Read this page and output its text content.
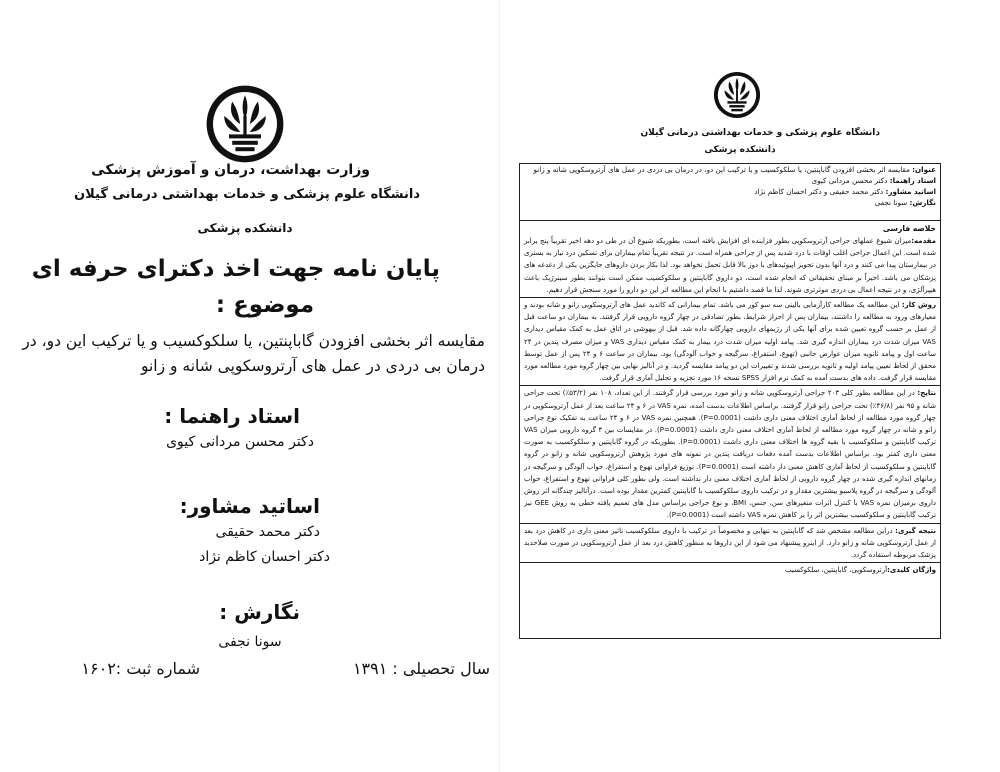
وزارت بهداشت، درمان و آموزش پزشکی
دانشگاه علوم پزشکی و خدمات بهداشتی درمانی گیلان
دانشکده پزشکی
پایان نامه جهت اخذ دکترای حرفه ای
موضوع :
مقایسه اثر بخشی افزودن گاباپنتین، یا سلکوکسیب و یا ترکیب این دو، در درمان بی دردی در عمل های آرتروسکوپی شانه و زانو
استاد راهنما :
دکتر محسن مردانی کیوی
اساتید مشاور:
دکتر محمد حقیقی
دکتر احسان کاظم نژاد
نگارش :
سونا نجفی
شماره ثبت :۱۶۰۲	سال تحصیلی : ۱۳۹۱
دانشگاه علوم پزشکی و خدمات بهداشتی درمانی گیلان
دانشکده پزشکی
عنوان: مقایسه اثر بخشی افزودن گاباپنتین، یا سلکوکسیب و یا ترکیب این دو، در درمان بی دردی در عمل های آرتروسکوپی شانه و زانو
استاد راهنما: دکتر محسن مردانی کیوی
اساتید مشاور: دکتر محمد حقیقی و دکتر احسان کاظم نژاد
نگارش: سونا نجفی
خلاصه فارسی
مقدمه:میزان شیوع عملهای جراحی آرتروسکوپی بطور فزاینده ای افزایش یافته است، بطوریکه شیوع آن در طی دو دهه اخیر تقریباً پنج برابر شده است. این اعمال جراحی اغلب اوقات با درد شدید پس از جراحی همراه است. در نتیجه تقریباً تمام بیماران برای تسکین درد نیاز به بستری در بیمارستان پیدا می کنند و درد آنها بدون تجویز اپیوئیدهای با دوز بالا قابل تحمل نخواهد بود. لذا بکار بردن داروهای جایگزین یکی از دغدغه های پزشکان می باشد. اخیراً بر مبنای تحقیقاتی که انجام شده است، دو داروی گاباپنتین و سلکوکسیب ممکن است بتوانند بطور سینرژیک باعث هیپرآلژی، و در نتیجه اعمال بی دردی موثرتری شوند. لذا ما قصد داشتیم با انجام این مطالعه اثر این دو دارو را مورد سنجش قرار دهیم.
روش کار: این مطالعه یک مطالعه کارآزمایی بالینی سه سو کور می باشد. تمام بیمارانی که کاندید عمل های آرتروسکوپی زانو و شانه بودند و معیارهای ورود به مطالعه را داشتند، بیماران پس از احراز شرایط، بطور تصادفی در چهار گروه دارویی قرار گرفتند. به بیماران دو ساعت قبل از عمل بر حسب گروه تعیین شده برای آنها یکی از رژیمهای دارویی چهارگانه داده شد. قبل از بیهوشی در اتاق عمل به کمک مقیاس دیداری VAS میزان شدت درد بیماران اندازه گیری شد. پیامد اولیه میزان شدت درد بیمار به کمک مقیاس دیداری VAS و میزان مصرف پتدین در ۲۴ ساعت اول و پیامد ثانویه میزان عوارض جانبی (تهوع، استفراغ، سرگیجه و خواب آلودگی) بود. بیماران در ساعت ۶ و ۲۴ پس از عمل توسط محقق از لحاظ تعیین پیامد اولیه و ثانویه بررسی شدند و تغییرات این دو پیامد مقایسه گردید. و در آنالیز نهایی بین چهار گروه مورد مطالعه مورد مقایسه قرار گرفت. داده های بدست آمده به کمک نرم افزار SPSS نسخه ۱۶ مورد تجزیه و تحلیل آماری قرار گرفت.
نتایج: در این مطالعه بطور کلی ۲۰۳ جراحی آرتروسکوپی شانه و زانو مورد بررسی قرار گرفتند. از این تعداد، ۱۰۸ نفر (۵۳/۲٪) تحت جراحی شانه و ۹۵ نفر (۴۶/۸٪) تحت جراحی زانو قرار گرفتند. براساس اطلاعات بدست آمده، نمره VAS در ۶ و ۲۴ ساعت بعد از عمل آرتروسکوپی در چهار گروه مورد مطالعه از لحاظ آماری اختلاف معنی داری داشت (P=0.0001). همچنین نمره VAS در ۶ و ۲۴ ساعت به تفکیک نوع جراحی زانو و شانه در چهار گروه مورد مطالعه از لحاظ آماری اختلاف معنی داری داشت (P=0.0001). در مقایسات بین ۴ گروه دارویی میزان VAS ترکیب گاباپنتین و سلکوکسیب با بقیه گروه ها اختلاف معنی داری داشت (P=0.0001). بطوریکه در گروه گاباپنتین و سلکوکسیب به صورت معنی داری کمتر بود. براساس اطلاعات بدست آمده دفعات دریافت پتدین در نمونه های مورد پژوهش آرتروسکوپی شانه و زانو در گروه گاباپنتین و سلکوکسیب از لحاظ آماری کاهش معنی دار داشته است (P=0.0001). توزیع فراوانی تهوع و استفراغ، خواب آلودگی و سرگیجه در زمانهای اندازه گیری شده در چهار گروه دارویی از لحاظ آماری اختلاف معنی دار نداشته است. ولی بطور کلی فراوانی تهوع و استفراغ، خواب آلودگی و سرگیجه در گروه پلاسبو بیشترین مقدار و در ترکیب داروی سلکوکسیب با گاباپنتین کمترین مقدار بوده است. درآنالیز چندگانه اثر روش داروی برمیزان نمره VAS با کنترل اثرات متغیرهای سن، جنس، BMI، و نوع جراحی براساس مدل های تعمیم یافته خطی به روش GEE نیز ترکیب گاباپنتین و سلکوکسیب بیشترین اثر را بر کاهش نمره VAS داشته است (P=0.0001).
نتیجه گیری: دراین مطالعه مشخص شد که گاباپنتین به تنهایی و مخصوصاً در ترکیب با داروی سلکوکسیب تاثیر معنی داری در کاهش درد بعد از عمل آرتروسکوپی شانه و زانو دارد. از اینرو پیشنهاد می شود از این داروها به منظور کاهش درد بعد از عمل آرتروسکوپی در صورت صلاحدید پزشک مربوطه استفاده گردد.
واژگان کلیدی:آرتروسکوپی، گاباپنتین، سلکوکسیب
